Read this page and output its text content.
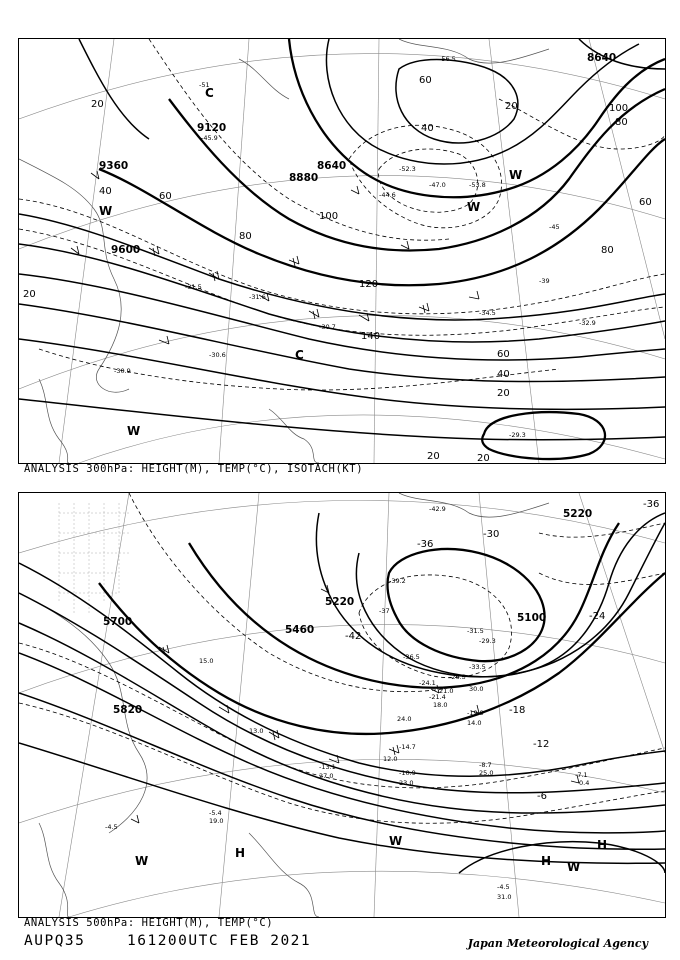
9360
9120
8880
8640
8640
9600
20
40	60
80
100
120
140
60
40
20
80
60
20
40
60
80
100
20
20	20
-45.9
-31.5
-30.6
-30.9
-32.9
-34.5
-29.3
-39
-45
-51
-56.5
-47.0
-52.3
-53.8
-30.7
-31.6
-44.6
C
C
W
W
W
W
ANALYSIS 300hPa: HEIGHT(M), TEMP(°C), ISOTACH(KT)
5700
5820
5460
5220
5100
5220
-36
-42
-36
-30
-24
-18
-12
-6
-5.4
-4.5
-7.1
-8.7
-10.9
-13.1
-14.7
-19.9
-21.4
-24.1
-26.3
-29.3
-31.5
-33.5
-36.5
-37
-42.9
-39.2
-4.5
31.0
25.0
23.0
27.0
12.0
14.0
18.0
21.0
24.0
30.0
19.0
13.0
15.0
0.4
H
H
H
W
W
W
ANALYSIS 500hPa: HEIGHT(M), TEMP(°C)
AUPQ35	161200UTC FEB 2021	Japan Meteorological Agency
